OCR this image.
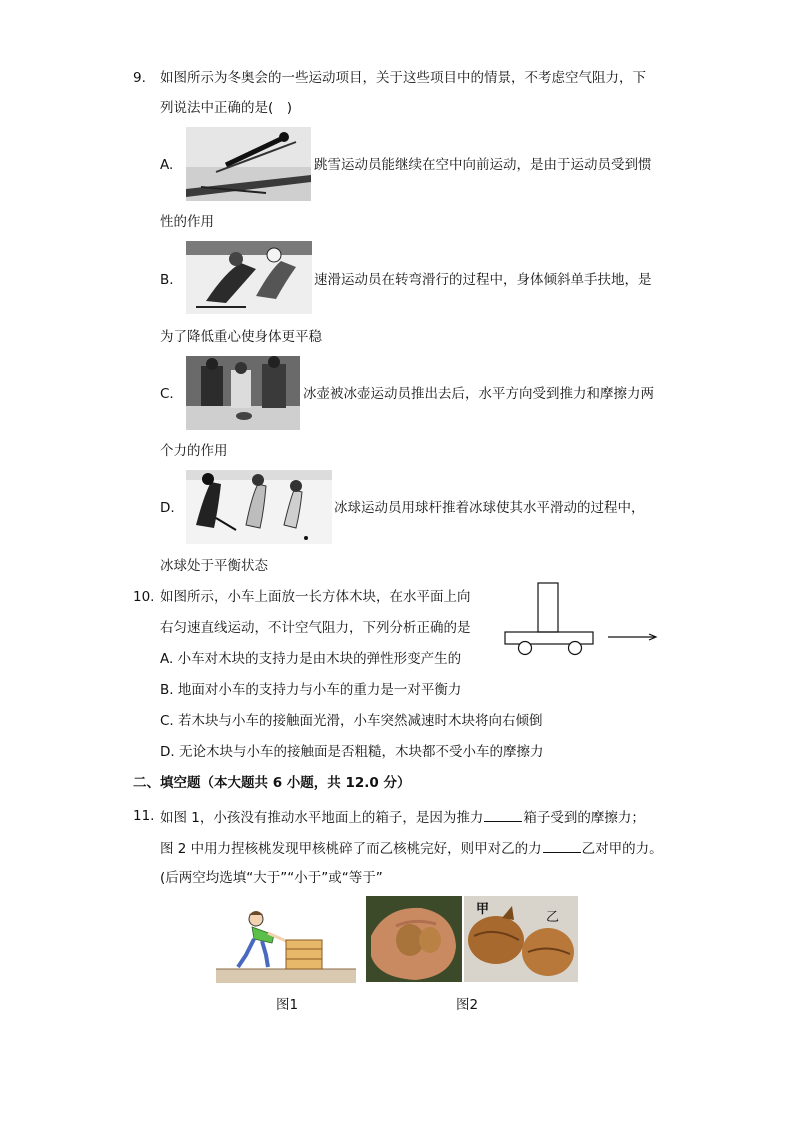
9. 如图所示为冬奥会的一些运动项目，关于这些项目中的情景，不考虑空气阻力，下
列说法中正确的是(　)
A.	跳雪运动员能继续在空中向前运动，是由于运动员受到惯
性的作用
B.	速滑运动员在转弯滑行的过程中，身体倾斜单手扶地，是
为了降低重心使身体更平稳
C.	冰壶被冰壶运动员推出去后，水平方向受到推力和摩擦力两
个力的作用
D.	冰球运动员用球杆推着冰球使其水平滑动的过程中，
冰球处于平衡状态
10. 如图所示，小车上面放一长方体木块，在水平面上向
右匀速直线运动，不计空气阻力，下列分析正确的是
A. 小车对木块的支持力是由木块的弹性形变产生的
B. 地面对小车的支持力与小车的重力是一对平衡力
C. 若木块与小车的接触面光滑，小车突然减速时木块将向右倾倒
D. 无论木块与小车的接触面是否粗糙，木块都不受小车的摩擦力
二、填空题（本大题共 6 小题，共 12.0 分）
11. 如图 1，小孩没有推动水平地面上的箱子，是因为推力	箱子受到的摩擦力；
图 2 中用力捏核桃发现甲核桃碎了而乙核桃完好，则甲对乙的力	乙对甲的力。
(后两空均选填“大于”“小于”或“等于”
甲
乙
图1	图2
